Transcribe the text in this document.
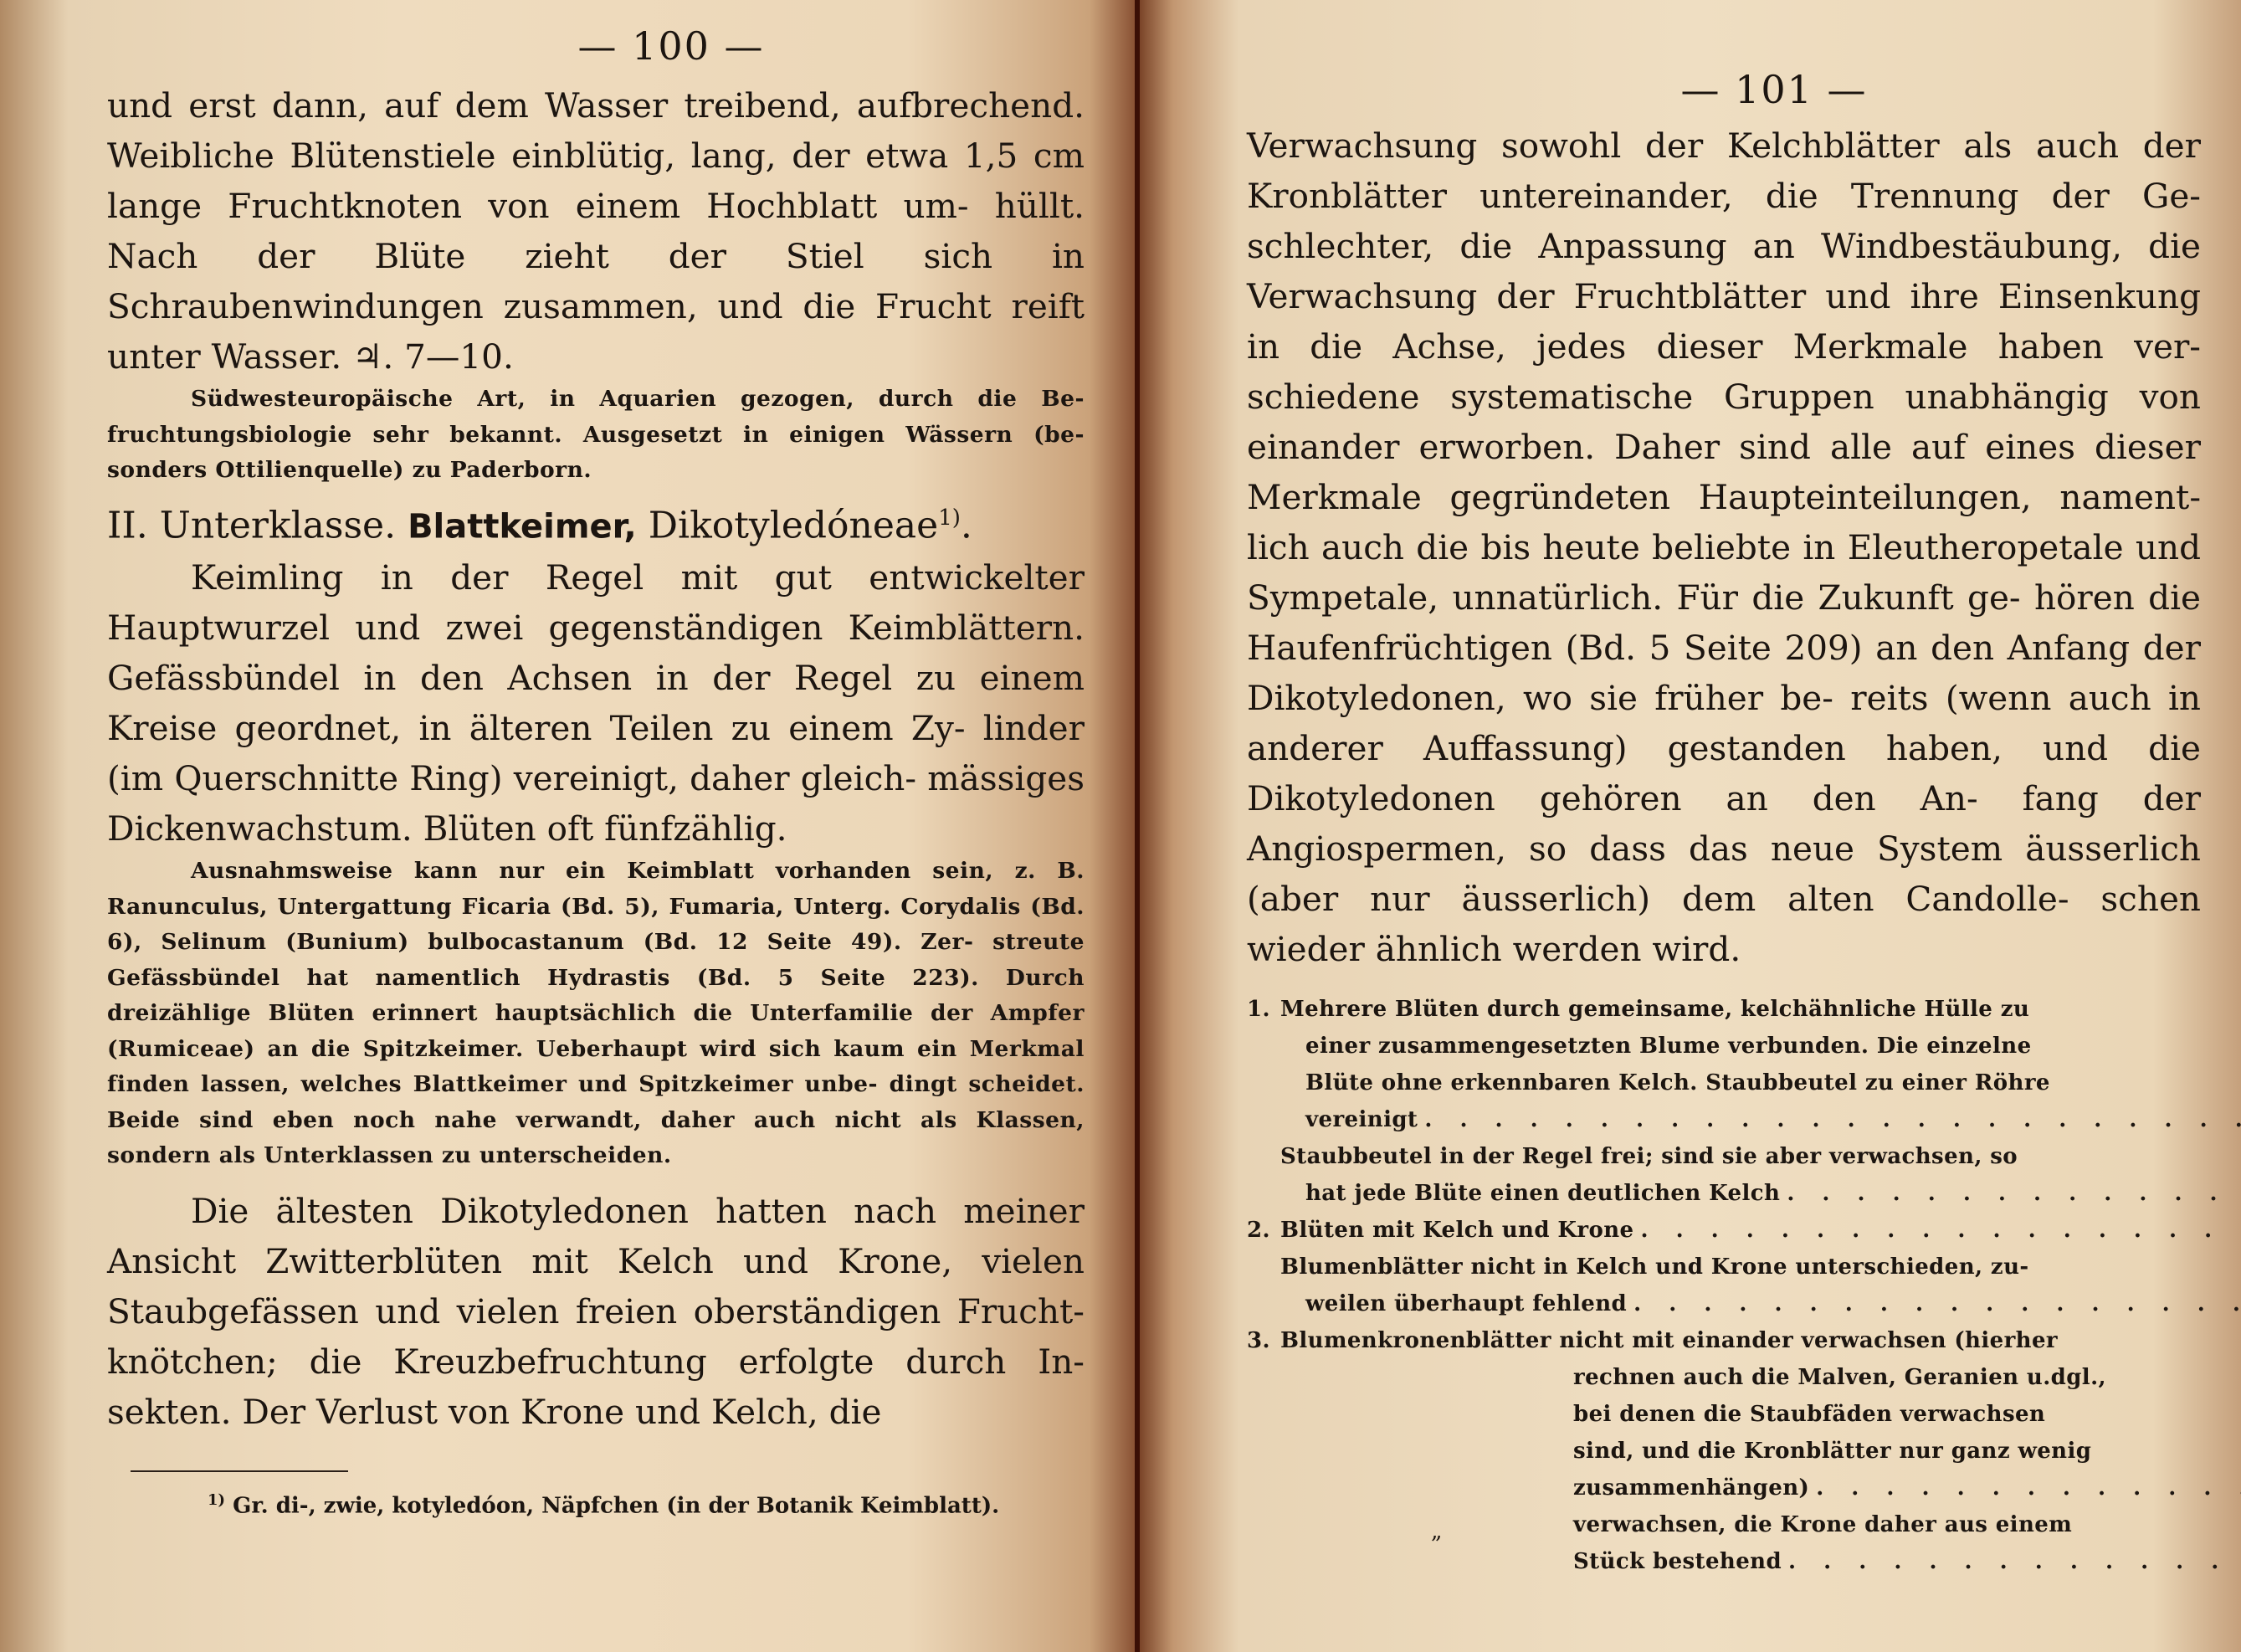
— 100 —

und erst dann, auf dem Wasser treibend, aufbrechend. Weibliche Blütenstiele einblütig, lang, der etwa 1,5 cm lange Fruchtknoten von einem Hochblatt um- hüllt. Nach der Blüte zieht der Stiel sich in Schraubenwindungen zusammen, und die Frucht reift unter Wasser. ♃. 7—10.

Südwesteuropäische Art, in Aquarien gezogen, durch die Be- fruchtungsbiologie sehr bekannt. Ausgesetzt in einigen Wässern (be- sonders Ottilienquelle) zu Paderborn.

II. Unterklasse. Blattkeimer, Dikotyledóneae$^{1)}$.

Keimling in der Regel mit gut entwickelter Hauptwurzel und zwei gegenständigen Keimblättern. Gefässbündel in den Achsen in der Regel zu einem Kreise geordnet, in älteren Teilen zu einem Zy- linder (im Querschnitte Ring) vereinigt, daher gleich- mässiges Dickenwachstum. Blüten oft fünfzählig.

Ausnahmsweise kann nur ein Keimblatt vorhanden sein, z. B. Ranunculus, Untergattung Ficaria (Bd. 5), Fumaria, Unterg. Corydalis (Bd. 6), Selinum (Bunium) bulbocastanum (Bd. 12 Seite 49). Zer- streute Gefässbündel hat namentlich Hydrastis (Bd. 5 Seite 223). Durch dreizählige Blüten erinnert hauptsächlich die Unterfamilie der Ampfer (Rumiceae) an die Spitzkeimer. Ueberhaupt wird sich kaum ein Merkmal finden lassen, welches Blattkeimer und Spitzkeimer unbe- dingt scheidet. Beide sind eben noch nahe verwandt, daher auch nicht als Klassen, sondern als Unterklassen zu unterscheiden.

Die ältesten Dikotyledonen hatten nach meiner Ansicht Zwitterblüten mit Kelch und Krone, vielen Staubgefässen und vielen freien oberständigen Frucht- knötchen; die Kreuzbefruchtung erfolgte durch In- sekten. Der Verlust von Krone und Kelch, die

$^{1)}$ Gr. di-, zwie, kotyledóon, Näpfchen (in der Botanik Keimblatt).
— 101 —

Verwachsung sowohl der Kelchblätter als auch der Kronblätter untereinander, die Trennung der Ge- schlechter, die Anpassung an Windbestäubung, die Verwachsung der Fruchtblätter und ihre Einsenkung in die Achse, jedes dieser Merkmale haben ver- schiedene systematische Gruppen unabhängig von einander erworben. Daher sind alle auf eines dieser Merkmale gegründeten Haupteinteilungen, nament- lich auch die bis heute beliebte in Eleutheropetale und Sympetale, unnatürlich. Für die Zukunft ge- hören die Haufenfrüchtigen (Bd. 5 Seite 209) an den Anfang der Dikotyledonen, wo sie früher be- reits (wenn auch in anderer Auffassung) gestanden haben, und die Dikotyledonen gehören an den An- fang der Angiospermen, so dass das neue System äusserlich (aber nur äusserlich) dem alten Candolle- schen wieder ähnlich werden wird.

1. Mehrere Blüten durch gemeinsame, kelchähnliche Hülle zu
einer zusammengesetzten Blume verbunden. Die einzelne
Blüte ohne erkennbaren Kelch. Staubbeutel zu einer Röhre
vereinigt
. . .
Staubbeutel in der Regel frei; sind sie aber verwachsen, so
hat jede Blüte einen deutlichen Kelch
. . .
2. Blüten mit Kelch und Krone
. . .
Blumenblätter nicht in Kelch und Krone unterschieden, zu-
weilen überhaupt fehlend
. . .
3. Blumenkronenblätter nicht mit einander verwachsen (hierher
rechnen auch die Malven, Geranien u.dgl.,
bei denen die Staubfäden verwachsen
sind, und die Kronblätter nur ganz wenig
zusammenhängen)
. . .
„	verwachsen, die Krone daher aus einem
Stück bestehend
. . .
